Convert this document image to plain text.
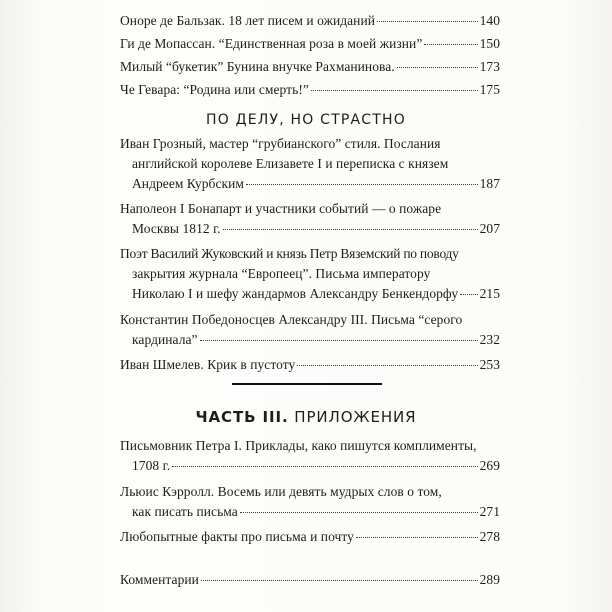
Оноре де Бальзак. 18 лет писем и ожиданий	140
Ги де Мопассан. “Единственная роза в моей жизни”	150
Милый “букетик” Бунина внучке Рахманинова.	173
Че Гевара: “Родина или смерть!”	175
ПО ДЕЛУ, НО СТРАСТНО
Иван Грозный, мастер “грубианского” стиля. Послания
английской королеве Елизавете I и переписка с князем
Андреем Курбским	187
Наполеон I Бонапарт и участники событий — о пожаре
Москвы 1812 г.	207
Поэт Василий Жуковский и князь Петр Вяземский по поводу
закрытия журнала “Европеец”. Письма императору
Николаю I и шефу жандармов Александру Бенкендорфу 215
Константин Победоносцев Александру III. Письма “серого
кардинала”	232
Иван Шмелев. Крик в пустоту	253
ЧАСТЬ III. ПРИЛОЖЕНИЯ
Письмовник Петра I. Приклады, како пишутся комплименты,
1708 г.	269
Льюис Кэрролл. Восемь или девять мудрых слов о том,
как писать письма	271
Любопытные факты про письма и почту	278
Комментарии	289
